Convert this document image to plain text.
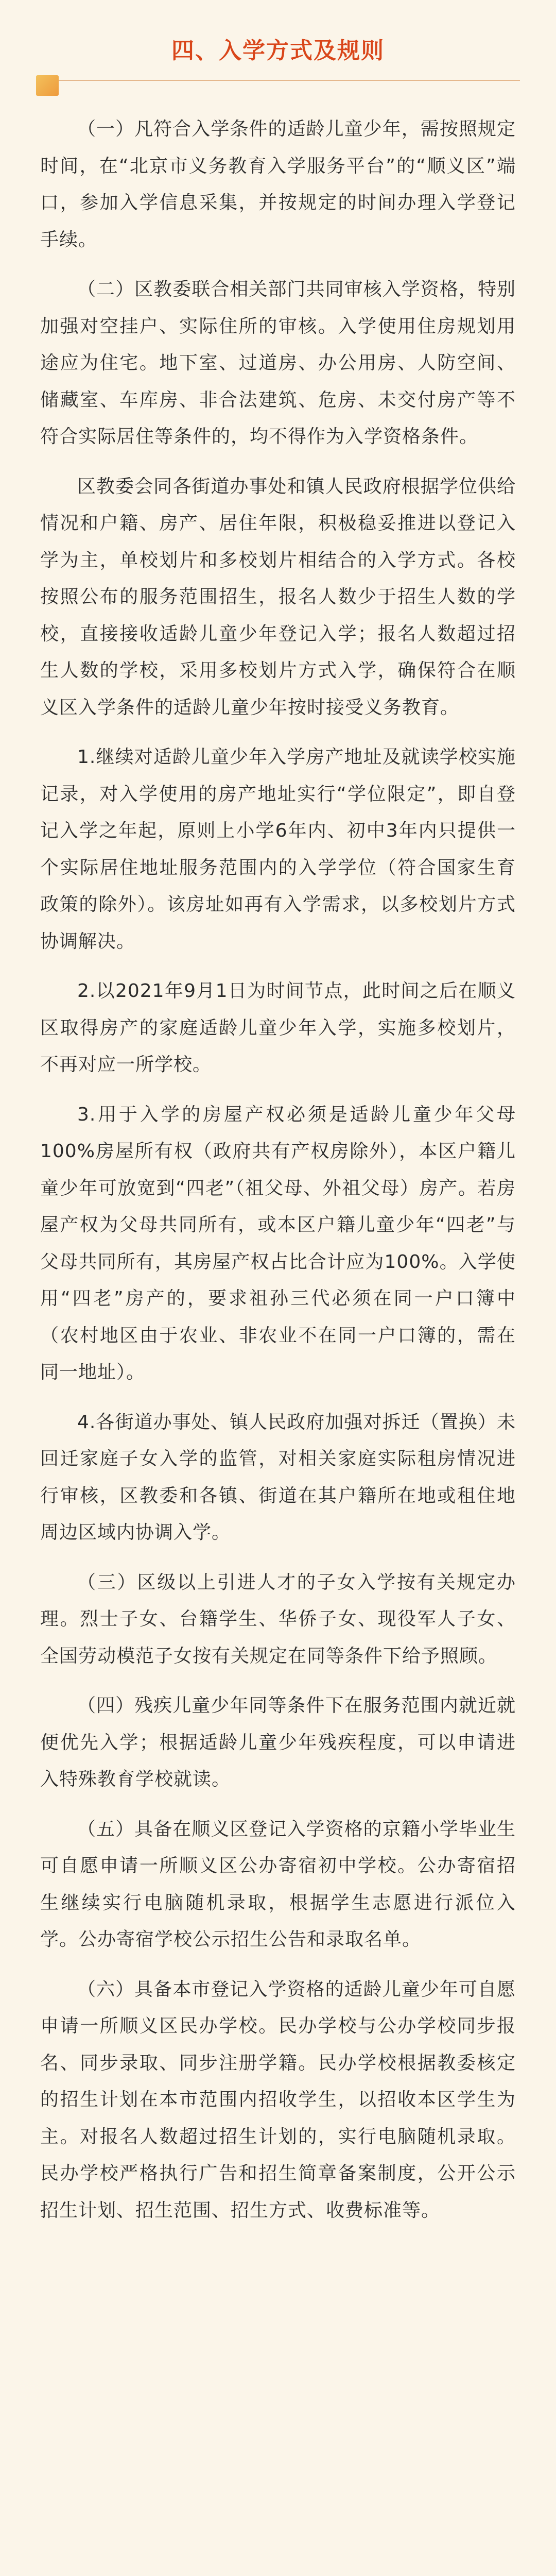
四、入学方式及规则

（一）凡符合入学条件的适龄儿童少年，需按照规定时间，在“北京市义务教育入学服务平台”的“顺义区”端口，参加入学信息采集，并按规定的时间办理入学登记手续。

（二）区教委联合相关部门共同审核入学资格，特别加强对空挂户、实际住所的审核。入学使用住房规划用途应为住宅。地下室、过道房、办公用房、人防空间、储藏室、车库房、非合法建筑、危房、未交付房产等不符合实际居住等条件的，均不得作为入学资格条件。

区教委会同各街道办事处和镇人民政府根据学位供给情况和户籍、房产、居住年限，积极稳妥推进以登记入学为主，单校划片和多校划片相结合的入学方式。各校按照公布的服务范围招生，报名人数少于招生人数的学校，直接接收适龄儿童少年登记入学；报名人数超过招生人数的学校，采用多校划片方式入学，确保符合在顺义区入学条件的适龄儿童少年按时接受义务教育。

1.继续对适龄儿童少年入学房产地址及就读学校实施记录，对入学使用的房产地址实行“学位限定”，即自登记入学之年起，原则上小学6年内、初中3年内只提供一个实际居住地址服务范围内的入学学位（符合国家生育政策的除外）。该房址如再有入学需求，以多校划片方式协调解决。

2.以2021年9月1日为时间节点，此时间之后在顺义区取得房产的家庭适龄儿童少年入学，实施多校划片，不再对应一所学校。

3.用于入学的房屋产权必须是适龄儿童少年父母100%房屋所有权（政府共有产权房除外），本区户籍儿童少年可放宽到“四老”（祖父母、外祖父母）房产。若房屋产权为父母共同所有，或本区户籍儿童少年“四老”与父母共同所有，其房屋产权占比合计应为100%。入学使用“四老”房产的，要求祖孙三代必须在同一户口簿中（农村地区由于农业、非农业不在同一户口簿的，需在同一地址）。

4.各街道办事处、镇人民政府加强对拆迁（置换）未回迁家庭子女入学的监管，对相关家庭实际租房情况进行审核，区教委和各镇、街道在其户籍所在地或租住地周边区域内协调入学。

（三）区级以上引进人才的子女入学按有关规定办理。烈士子女、台籍学生、华侨子女、现役军人子女、全国劳动模范子女按有关规定在同等条件下给予照顾。

（四）残疾儿童少年同等条件下在服务范围内就近就便优先入学；根据适龄儿童少年残疾程度，可以申请进入特殊教育学校就读。

（五）具备在顺义区登记入学资格的京籍小学毕业生可自愿申请一所顺义区公办寄宿初中学校。公办寄宿招生继续实行电脑随机录取，根据学生志愿进行派位入学。公办寄宿学校公示招生公告和录取名单。

（六）具备本市登记入学资格的适龄儿童少年可自愿申请一所顺义区民办学校。民办学校与公办学校同步报名、同步录取、同步注册学籍。民办学校根据教委核定的招生计划在本市范围内招收学生，以招收本区学生为主。对报名人数超过招生计划的，实行电脑随机录取。民办学校严格执行广告和招生简章备案制度，公开公示招生计划、招生范围、招生方式、收费标准等。
